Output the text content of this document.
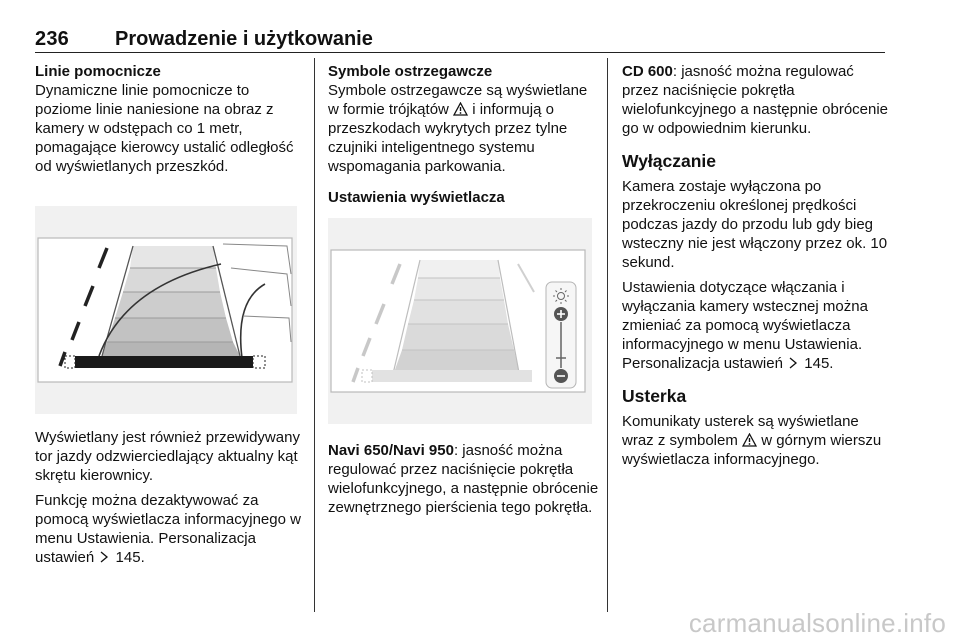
236 Prowadzenie i użytkowanie

Linie pomocnicze

Dynamiczne linie pomocnicze to poziome linie naniesione na obraz z kamery w odstępach co 1 metr, pomagające kierowcy ustalić odległość od wyświetlanych przeszkód.

Wyświetlany jest również przewidywany tor jazdy odzwierciedlający aktualny kąt skrętu kierownicy.

Funkcję można dezaktywować za pomocą wyświetlacza informacyjnego w menu Ustawienia. Personalizacja ustawień 145.

Symbole ostrzegawcze

Symbole ostrzegawcze są wyświetlane w formie trójkątów i informują o przeszkodach wykrytych przez tylne czujniki inteligentnego systemu wspomagania parkowania.

Ustawienia wyświetlacza

Navi 650/Navi 950: jasność można regulować przez naciśnięcie pokrętła wielofunkcyjnego, a następnie obrócenie zewnętrznego pierścienia tego pokrętła.

CD 600: jasność można regulować przez naciśnięcie pokrętła wielofunkcyjnego a następnie obrócenie go w odpowiednim kierunku.

Wyłączanie

Kamera zostaje wyłączona po przekroczeniu określonej prędkości podczas jazdy do przodu lub gdy bieg wsteczny nie jest włączony przez ok. 10 sekund.

Ustawienia dotyczące włączania i wyłączania kamery wstecznej można zmieniać za pomocą wyświetlacza informacyjnego w menu Ustawienia. Personalizacja ustawień 145.

Usterka

Komunikaty usterek są wyświetlane wraz z symbolem w górnym wierszu wyświetlacza informacyjnego.

carmanualsonline.info
